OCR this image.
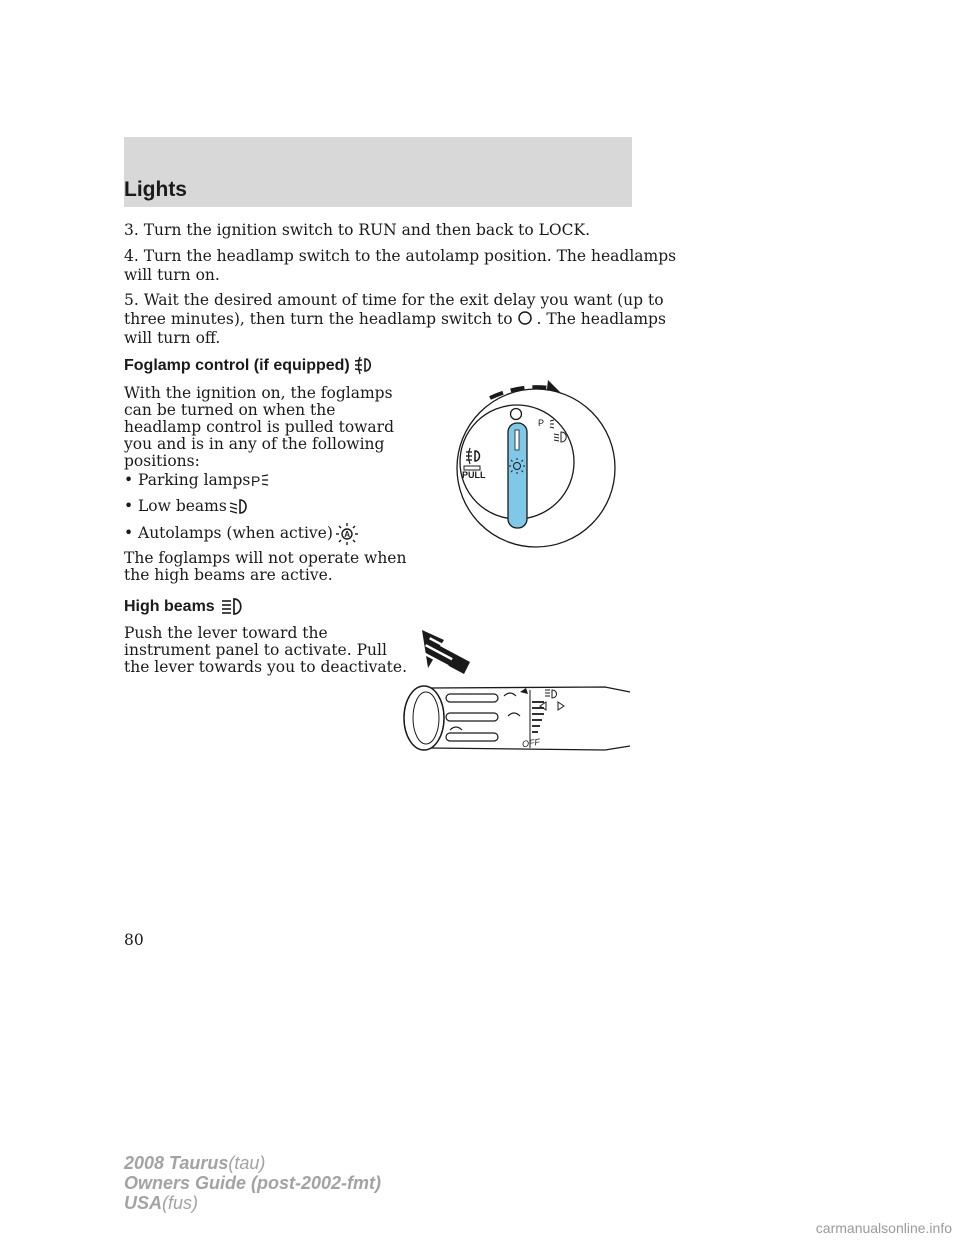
Lights

3. Turn the ignition switch to RUN and then back to LOCK.

4. Turn the headlamp switch to the autolamp position. The headlamps

will turn on.

5. Wait the desired amount of time for the exit delay you want (up to

three minutes), then turn the headlamp switch to . The headlamps

will turn off.

Foglamp control (if equipped)

With the ignition on, the foglamps

can be turned on when the

headlamp control is pulled toward

you and is in any of the following

positions:

• Parking lamps P
• Low beams
• Autolamps (when active) A

The foglamps will not operate when

the high beams are active.

High beams

Push the lever toward the

instrument panel to activate. Pull

the lever towards you to deactivate.

PULL
P
OFF
80
2008 Taurus(tau)
Owners Guide (post-2002-fmt)
USA(fus)
carmanualsonline.info
